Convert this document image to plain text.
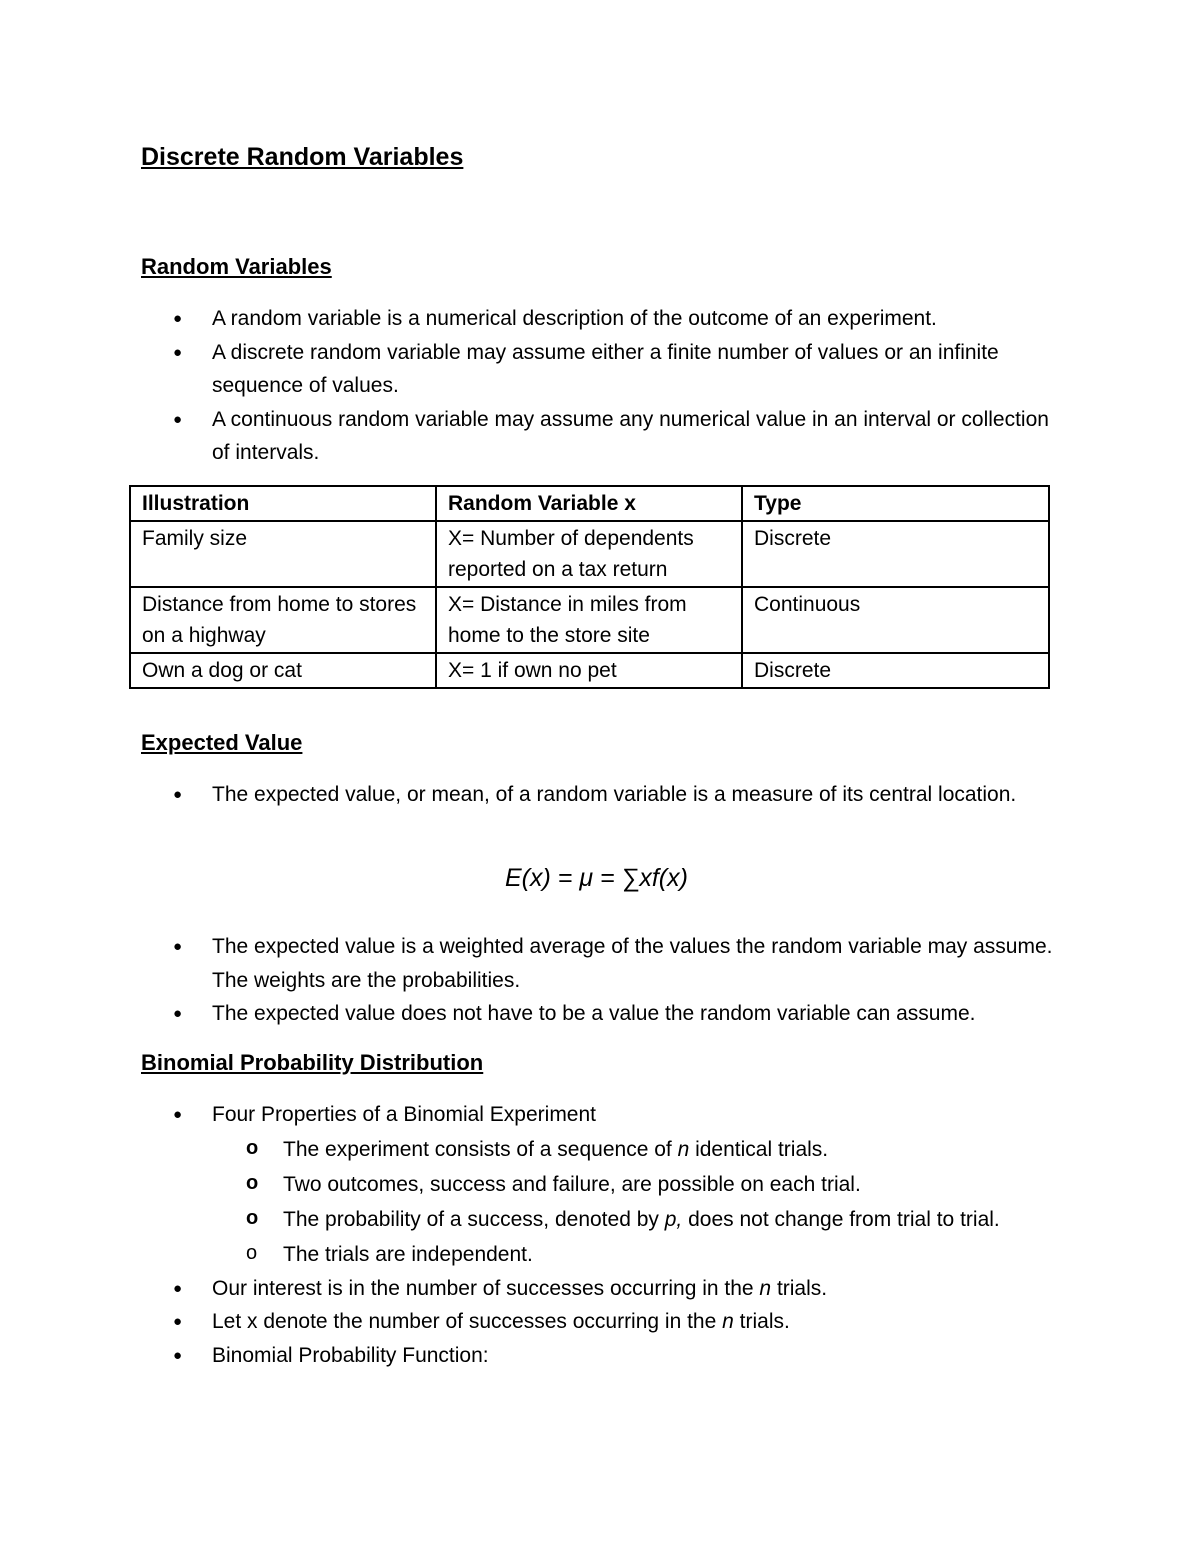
Discrete Random Variables
Random Variables
● A random variable is a numerical description of the outcome of an experiment.
● A discrete random variable may assume either a finite number of values or an infinite sequence of values.
● A continuous random variable may assume any numerical value in an interval or collection of intervals.
Illustration	Random Variable x	Type
Family size	X= Number of dependents reported on a tax return	Discrete
Distance from home to stores on a highway	X= Distance in miles from home to the store site	Continuous
Own a dog or cat	X= 1 if own no pet	Discrete
Expected Value
● The expected value, or mean, of a random variable is a measure of its central location.

E(x) = μ = ∑xf(x)

● The expected value is a weighted average of the values the random variable may assume. The weights are the probabilities.
● The expected value does not have to be a value the random variable can assume.
Binomial Probability Distribution
● Four Properties of a Binomial Experiment
o The experiment consists of a sequence of n identical trials.
o Two outcomes, success and failure, are possible on each trial.
o The probability of a success, denoted by p, does not change from trial to trial.
o The trials are independent.
● Our interest is in the number of successes occurring in the n trials.
● Let x denote the number of successes occurring in the n trials.
● Binomial Probability Function:
